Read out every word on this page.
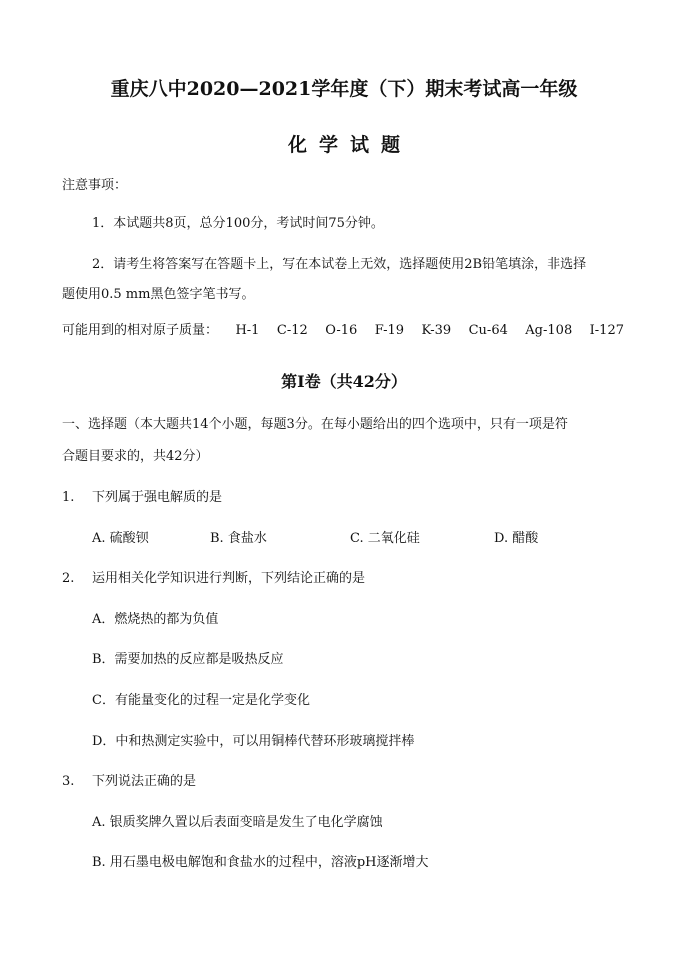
重庆八中2020—2021学年度（下）期末考试高一年级
化学试题
注意事项：
1．本试题共8页，总分100分，考试时间75分钟。
2．请考生将答案写在答题卡上，写在本试卷上无效，选择题使用2B铅笔填涂，非选择
题使用0.5 mm黑色签字笔书写。
可能用到的相对原子质量： H-1 C-12 O-16 F-19 K-39 Cu-64 Ag-108 I-127
第Ⅰ卷（共42分）
一、选择题（本大题共14个小题，每题3分。在每小题给出的四个选项中，只有一项是符
合题目要求的，共42分）
1. 下列属于强电解质的是
A. 硫酸钡	B. 食盐水	C. 二氧化硅	D. 醋酸
2. 运用相关化学知识进行判断，下列结论正确的是
A．燃烧热的都为负值
B．需要加热的反应都是吸热反应
C．有能量变化的过程一定是化学变化
D．中和热测定实验中，可以用铜棒代替环形玻璃搅拌棒
3. 下列说法正确的是
A. 银质奖牌久置以后表面变暗是发生了电化学腐蚀
B. 用石墨电极电解饱和食盐水的过程中，溶液pH逐渐增大
